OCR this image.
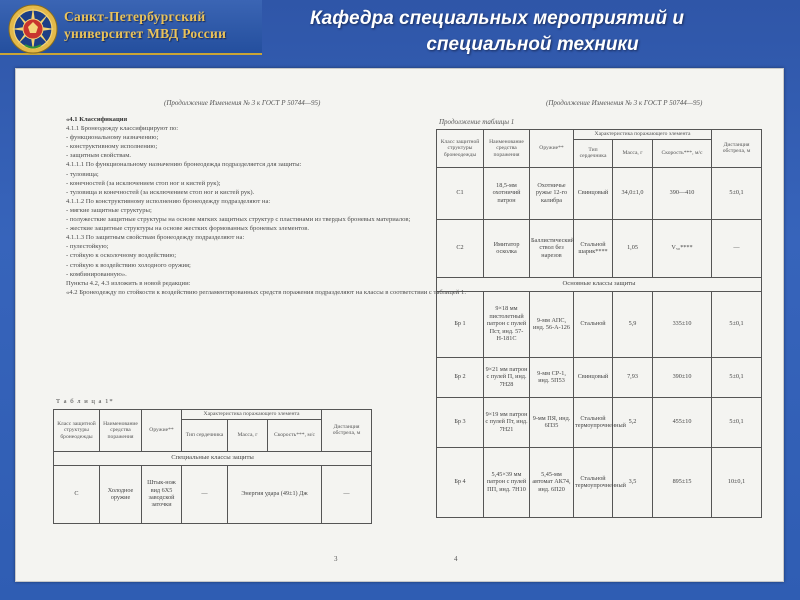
Санкт-Петербургский
университет МВД России
Кафедра специальных мероприятий и
специальной техники
(Продолжение Изменения № 3 к ГОСТ Р 50744—95)

«4.1 Классификация

4.1.1 Бронеодежду классифицируют по:

- функциональному назначению;

- конструктивному исполнению;

- защитным свойствам.

4.1.1.1 По функциональному назначению бронеодежда подразделяется для защиты:

- туловища;

- конечностей (за исключением стоп ног и кистей рук);

- туловища и конечностей (за исключением стоп ног и кистей рук).

4.1.1.2 По конструктивному исполнению бронеодежду подразделяют на:

- мягкие защитные структуры;

- полужесткие защитные структуры на основе мягких защитных структур с пластинами из твердых броневых материалов;

- жесткие защитные структуры на основе жестких формованных броневых элементов.

4.1.1.3 По защитным свойствам бронеодежду подразделяют на:

- пулестойкую;

- стойкую к осколочному воздействию;

- стойкую к воздействию холодного оружия;

- комбинированную».

Пункты 4.2, 4.3 изложить в новой редакции:

«4.2 Бронеодежду по стойкости к воздействию регламентированных средств поражения подразделяют на классы в соответствии с таблицей 1.

Т а б л и ц а 1*
Класс защитной структуры бронеодежды	Наименование средства поражения	Оружие**	Характеристика поражающего элемента			Дистанция обстрела, м
			Тип сердечника	Масса, г	Скорость***, м/с	
Специальные классы защиты						
С	Холодное оружие	Штык-нож вид 6Х5 заводской заточки	—	Энергия удара (49±1) Дж		—
3
(Продолжение Изменения № 3 к ГОСТ Р 50744—95)
Продолжение таблицы 1
Класс защитной структуры бронеодежды	Наименование средства поражения	Оружие**	Характеристика поражающего элемента			Дистанция обстрела, м
			Тип сердечника	Масса, г	Скорость***, м/с	
С1	18,5-мм охотничий патрон	Охотничье ружье 12-го калибра	Свинцовый	34,0±1,0	390—410	5±0,1
С2	Имитатор осколка	Баллистический ствол без нарезов	Стальной шарик****	1,05	V₅₀****	—
Основные классы защиты						
Бр 1	9×18 мм пистолетный патрон с пулей Пст, инд. 57-Н-181С	9-мм АПС, инд. 56-А-126	Стальной	5,9	335±10	5±0,1
Бр 2	9×21 мм патрон с пулей П, инд. 7Н28	9-мм СР-1, инд. 5П53	Свинцовый	7,93	390±10	5±0,1
Бр 3	9×19 мм патрон с пулей Пт, инд. 7Н21	9-мм ПЯ, инд. 6П35	Стальной термоупрочненный	5,2	455±10	5±0,1
Бр 4	5,45×39 мм патрон с пулей ПП, инд. 7Н10	5,45-мм автомат АК74, инд. 6П20	Стальной термоупрочненный	3,5	895±15	10±0,1
4
